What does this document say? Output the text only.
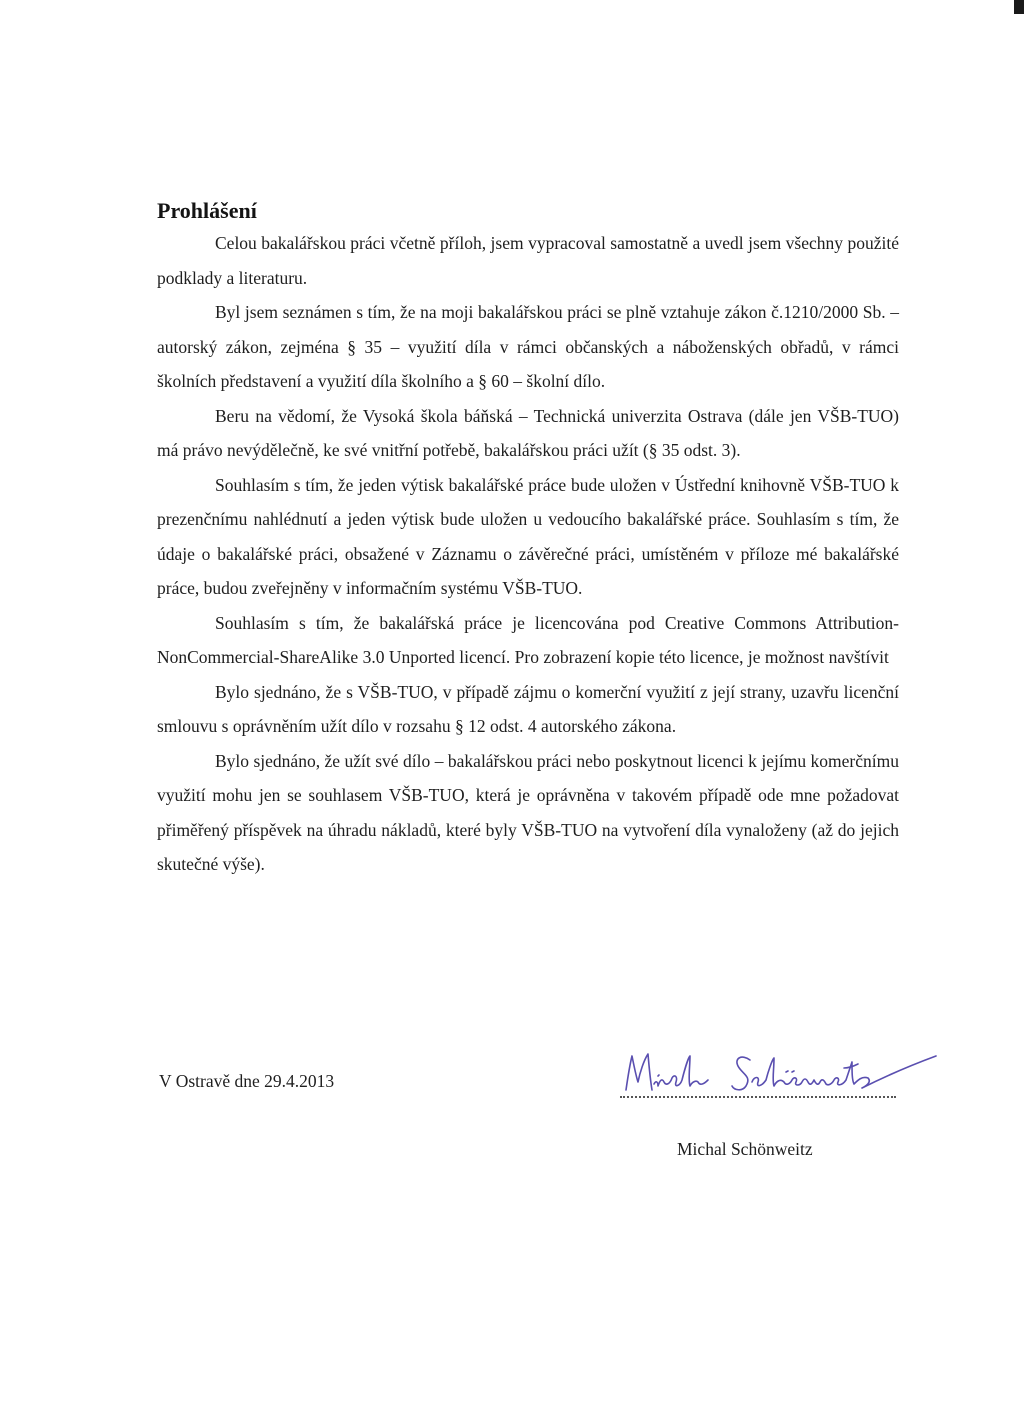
Prohlášení

Celou bakalářskou práci včetně příloh, jsem vypracoval samostatně a uvedl jsem všechny použité podklady a literaturu.

Byl jsem seznámen s tím, že na moji bakalářskou práci se plně vztahuje zákon č.1210/2000 Sb. – autorský zákon, zejména § 35 – využití díla v rámci občanských a náboženských obřadů, v rámci školních představení a využití díla školního a § 60 – školní dílo.

Beru na vědomí, že Vysoká škola báňská – Technická univerzita Ostrava (dále jen VŠB-TUO) má právo nevýdělečně, ke své vnitřní potřebě, bakalářskou práci užít (§ 35 odst. 3).

Souhlasím s tím, že jeden výtisk bakalářské práce bude uložen v Ústřední knihovně VŠB-TUO k prezenčnímu nahlédnutí a jeden výtisk bude uložen u vedoucího bakalářské práce. Souhlasím s tím, že údaje o bakalářské práci, obsažené v Záznamu o závěrečné práci, umístěném v příloze mé bakalářské práce, budou zveřejněny v informačním systému VŠB-TUO.

Souhlasím s tím, že bakalářská práce je licencována pod Creative Commons Attribution-NonCommercial-ShareAlike 3.0 Unported licencí. Pro zobrazení kopie této licence, je možnost navštívit

Bylo sjednáno, že s VŠB-TUO, v případě zájmu o komerční využití z její strany, uzavřu licenční smlouvu s oprávněním užít dílo v rozsahu § 12 odst. 4 autorského zákona.

Bylo sjednáno, že užít své dílo – bakalářskou práci nebo poskytnout licenci k jejímu komerčnímu využití mohu jen se souhlasem VŠB-TUO, která je oprávněna v takovém případě ode mne požadovat přiměřený příspěvek na úhradu nákladů, které byly VŠB-TUO na vytvoření díla vynaloženy (až do jejich skutečné výše).

V Ostravě dne 29.4.2013
Michal Schönweitz
